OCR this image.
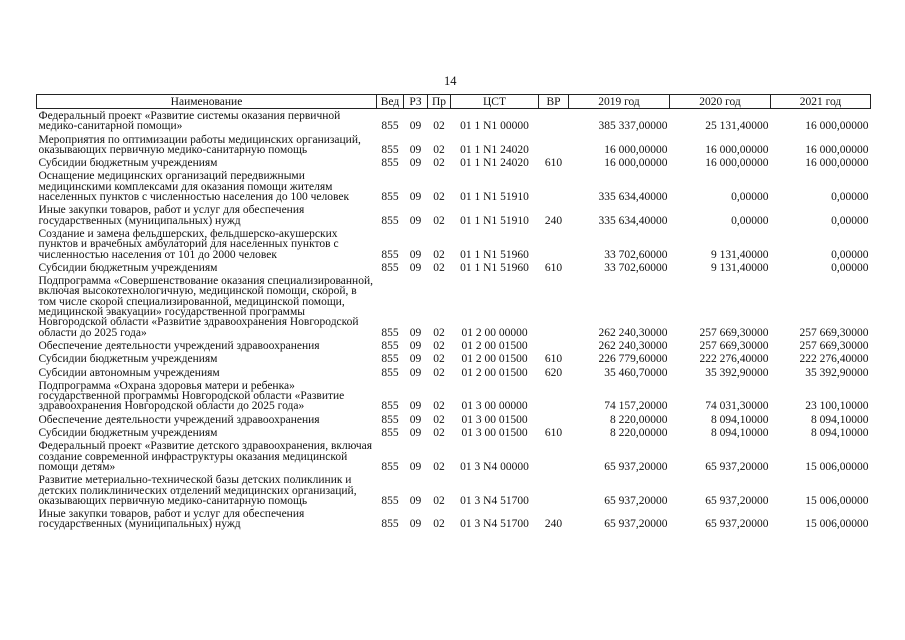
14
Наименование	Вед	РЗ	Пр	ЦСТ	ВР	2019 год	2020 год	2021 год
Федеральный проект «Развитие системы оказания первичной медико-санитарной помощи»	855	09	02	01 1 N1 00000		385 337,00000	25 131,40000	16 000,00000
Мероприятия по оптимизации работы медицинских организаций, оказывающих первичную медико-санитарную помощь	855	09	02	01 1 N1 24020		16 000,00000	16 000,00000	16 000,00000
Субсидии бюджетным учреждениям	855	09	02	01 1 N1 24020	610	16 000,00000	16 000,00000	16 000,00000
Оснащение медицинских организаций передвижными медицинскими комплексами для оказания помощи жителям населенных пунктов с численностью населения до 100 человек	855	09	02	01 1 N1 51910		335 634,40000	0,00000	0,00000
Иные закупки товаров, работ и услуг для обеспечения государственных (муниципальных) нужд	855	09	02	01 1 N1 51910	240	335 634,40000	0,00000	0,00000
Создание и замена фельдшерских, фельдшерско-акушерских пунктов и врачебных амбулаторий для населенных пунктов с численностью населения от 101 до 2000 человек	855	09	02	01 1 N1 51960		33 702,60000	9 131,40000	0,00000
Субсидии бюджетным учреждениям	855	09	02	01 1 N1 51960	610	33 702,60000	9 131,40000	0,00000
Подпрограмма «Совершенствование оказания специализированной, включая высокотехнологичную, медицинской помощи, скорой, в том числе скорой специализированной, медицинской помощи, медицинской эвакуации» государственной программы Новгородской области «Развитие здравоохранения Новгородской области до 2025 года»	855	09	02	01 2 00 00000		262 240,30000	257 669,30000	257 669,30000
Обеспечение деятельности учреждений здравоохранения	855	09	02	01 2 00 01500		262 240,30000	257 669,30000	257 669,30000
Субсидии бюджетным учреждениям	855	09	02	01 2 00 01500	610	226 779,60000	222 276,40000	222 276,40000
Субсидии автономным учреждениям	855	09	02	01 2 00 01500	620	35 460,70000	35 392,90000	35 392,90000
Подпрограмма «Охрана здоровья матери и ребенка» государственной программы Новгородской области «Развитие здравоохранения Новгородской области до 2025 года»	855	09	02	01 3 00 00000		74 157,20000	74 031,30000	23 100,10000
Обеспечение деятельности учреждений здравоохранения	855	09	02	01 3 00 01500		8 220,00000	8 094,10000	8 094,10000
Субсидии бюджетным учреждениям	855	09	02	01 3 00 01500	610	8 220,00000	8 094,10000	8 094,10000
Федеральный проект «Развитие детского здравоохранения, включая создание современной инфраструктуры оказания медицинской помощи детям»	855	09	02	01 3 N4 00000		65 937,20000	65 937,20000	15 006,00000
Развитие метериально-технической базы детских поликлиник и детских поликлинических отделений медицинских организаций, оказывающих первичную медико-санитарную помощь	855	09	02	01 3 N4 51700		65 937,20000	65 937,20000	15 006,00000
Иные закупки товаров, работ и услуг для обеспечения государственных (муниципальных) нужд	855	09	02	01 3 N4 51700	240	65 937,20000	65 937,20000	15 006,00000
